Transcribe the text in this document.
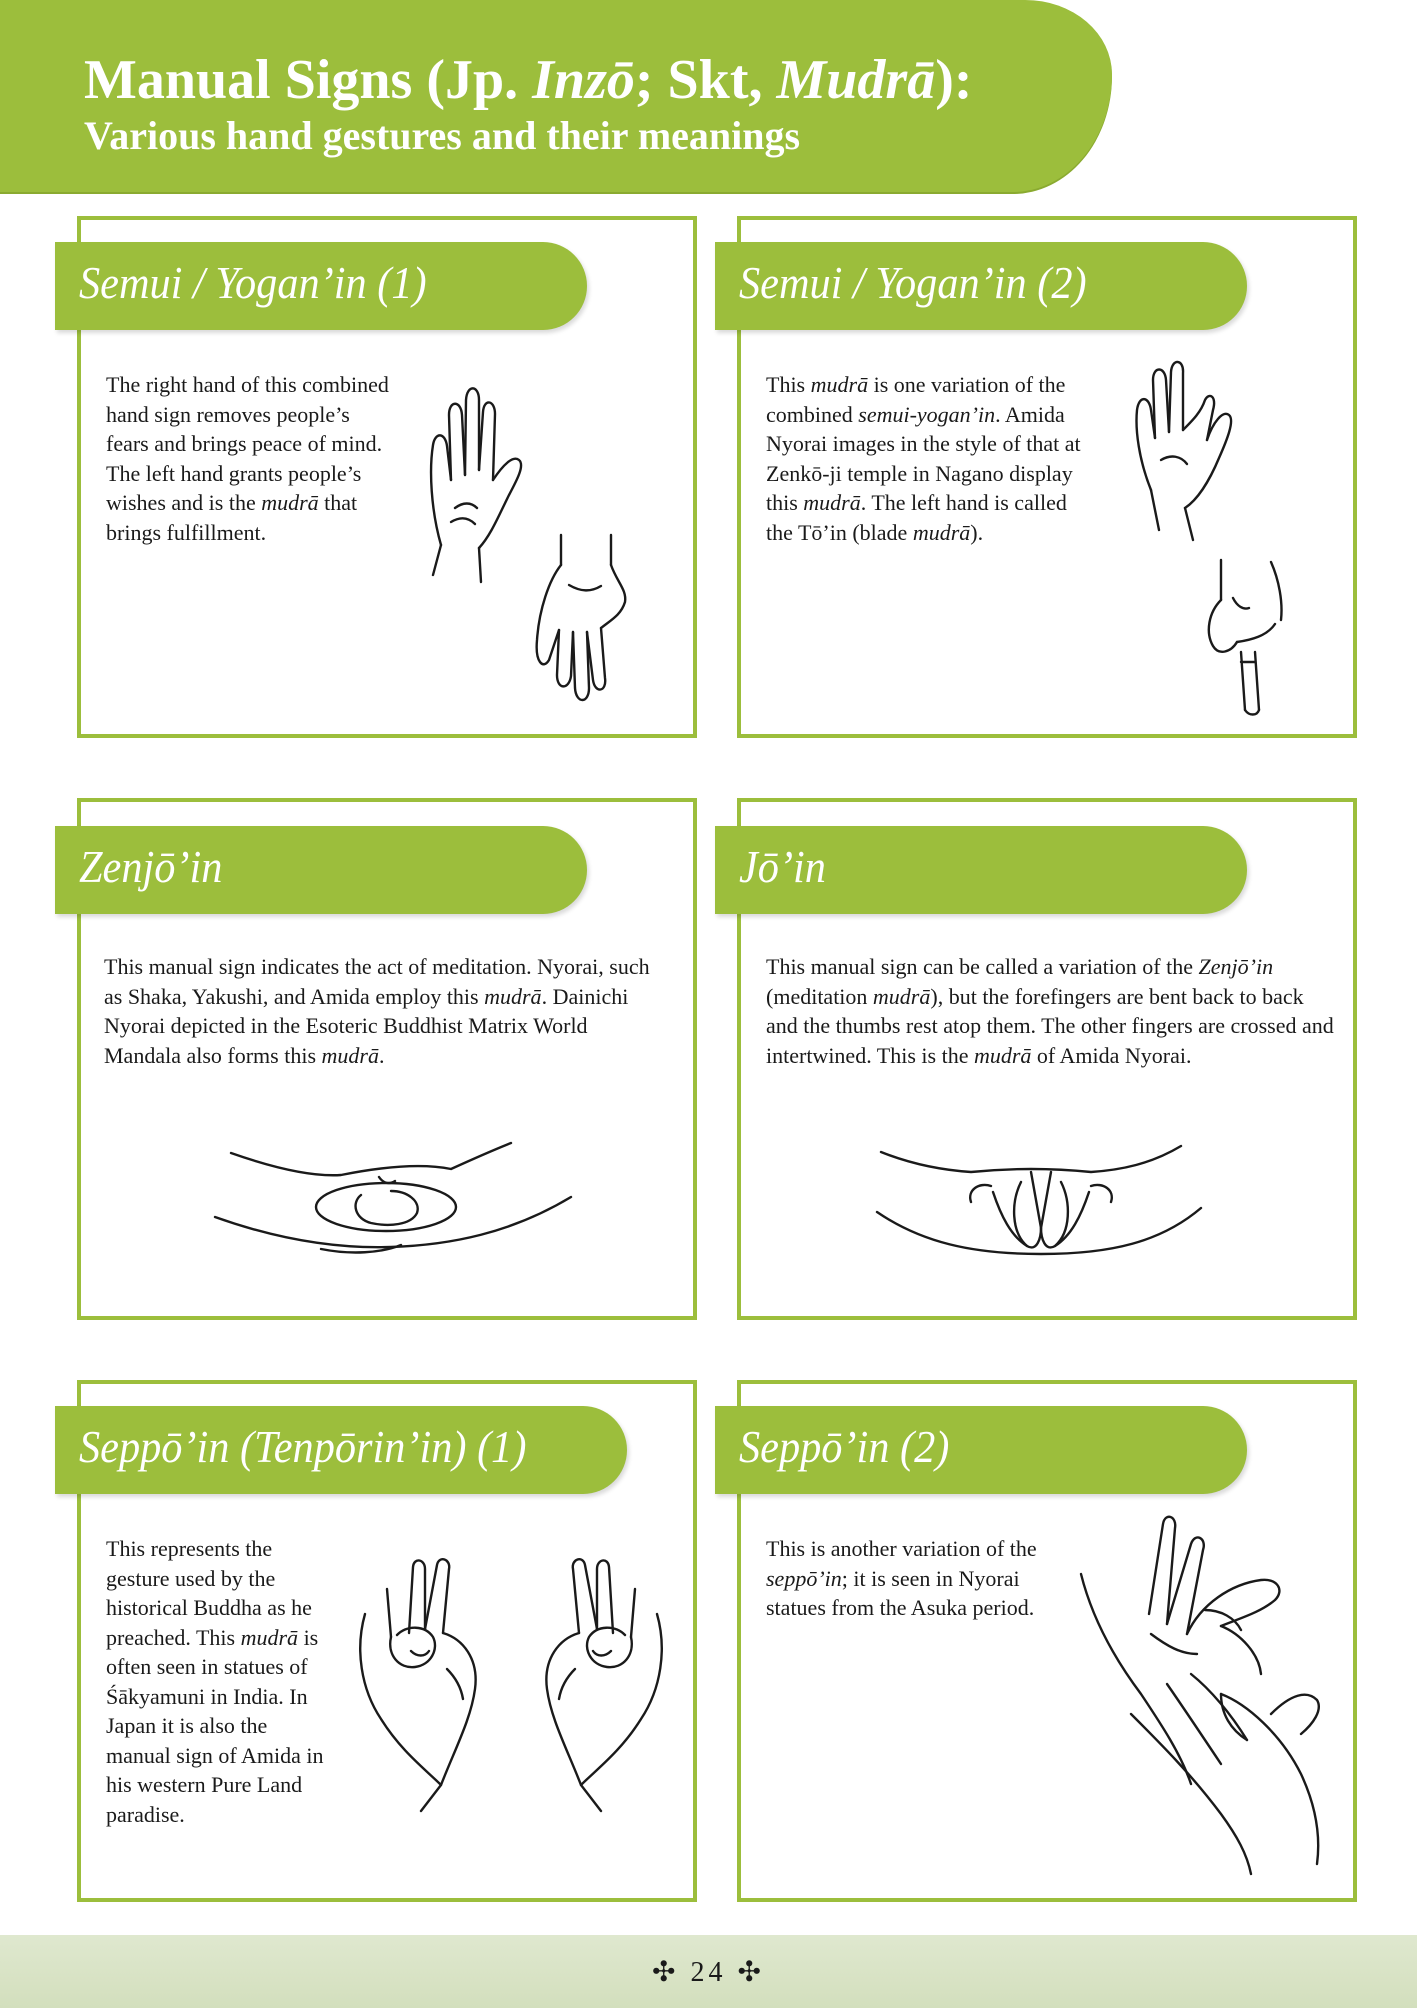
Manual Signs (Jp. Inzō; Skt, Mudrā):
Various hand gestures and their meanings

The right hand of this combined hand sign removes people’s fears and brings peace of mind. The left hand grants people’s wishes and is the mudrā that brings fulfillment.

Semui / Yogan’in (1)

This mudrā is one variation of the combined semui-yogan’in. Amida Nyorai images in the style of that at Zenkō-ji temple in Nagano display this mudrā. The left hand is called the Tō’in (blade mudrā).

Semui / Yogan’in (2)

This manual sign indicates the act of meditation. Nyorai, such as Shaka, Yakushi, and Amida employ this mudrā. Dainichi Nyorai depicted in the Esoteric Buddhist Matrix World Mandala also forms this mudrā.

Zenjō’in

This manual sign can be called a variation of the Zenjō’in (meditation mudrā), but the forefingers are bent back to back and the thumbs rest atop them. The other fingers are crossed and intertwined. This is the mudrā of Amida Nyorai.

Jō’in

This represents the gesture used by the historical Buddha as he preached. This mudrā is often seen in statues of Śākyamuni in India. In Japan it is also the manual sign of Amida in his western Pure Land paradise.

Seppō’in (Tenpōrin’in) (1)

This is another variation of the seppō’in; it is seen in Nyorai statues from the Asuka period.

Seppō’in (2)
✣ 24 ✣
